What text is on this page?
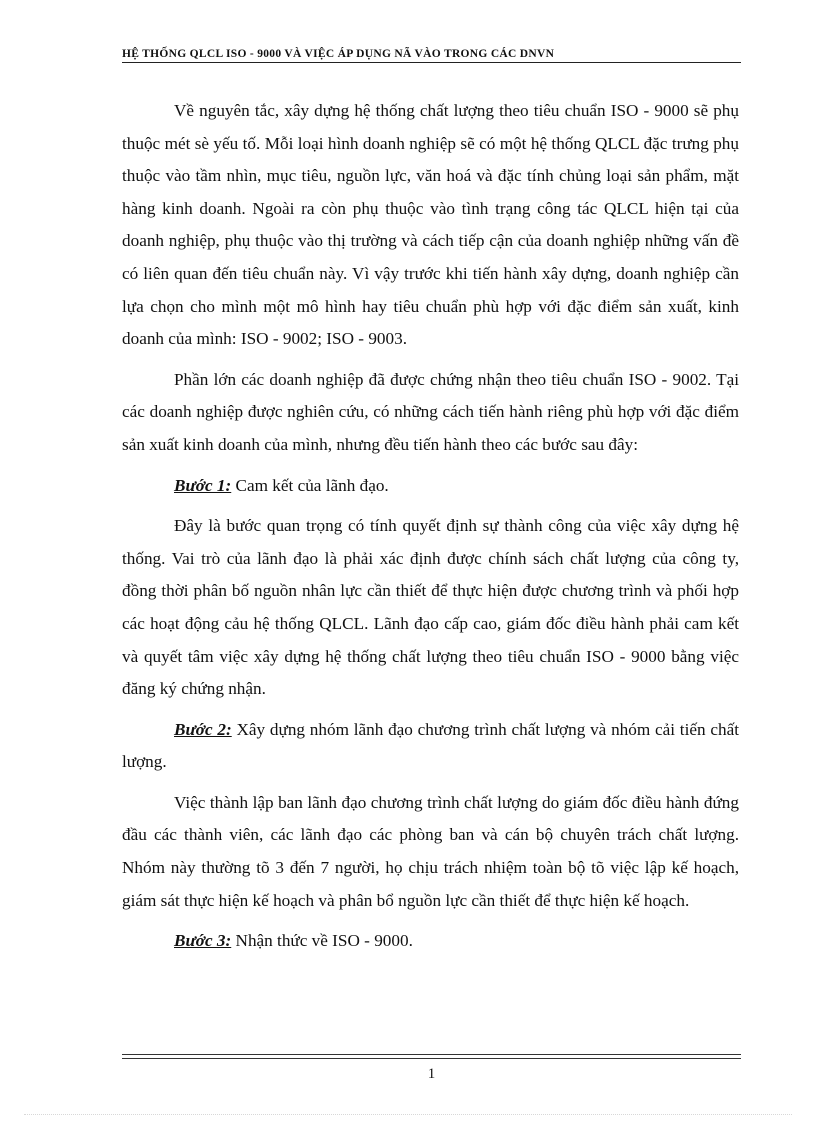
HỆ THỐNG QLCL ISO - 9000 VÀ VIỆC ÁP DỤNG NÃ VÀO TRONG CÁC DNVN

Về nguyên tắc, xây dựng hệ thống chất lượng theo tiêu chuẩn ISO - 9000 sẽ phụ thuộc mét sè yếu tố. Mỗi loại hình doanh nghiệp sẽ có một hệ thống QLCL đặc trưng phụ thuộc vào tầm nhìn, mục tiêu, nguồn lực, văn hoá và đặc tính chủng loại sản phẩm, mặt hàng kinh doanh. Ngoài ra còn phụ thuộc vào tình trạng công tác QLCL hiện tại của doanh nghiệp, phụ thuộc vào thị trường và cách tiếp cận của doanh nghiệp những vấn đề có liên quan đến tiêu chuẩn này. Vì vậy trước khi tiến hành xây dựng, doanh nghiệp cần lựa chọn cho mình một mô hình hay tiêu chuẩn phù hợp với đặc điểm sản xuất, kinh doanh của mình: ISO - 9002; ISO - 9003.

Phần lớn các doanh nghiệp đã được chứng nhận theo tiêu chuẩn ISO - 9002. Tại các doanh nghiệp được nghiên cứu, có những cách tiến hành riêng phù hợp với đặc điểm sản xuất kinh doanh của mình, nhưng đều tiến hành theo các bước sau đây:

Bước 1: Cam kết của lãnh đạo.

Đây là bước quan trọng có tính quyết định sự thành công của việc xây dựng hệ thống. Vai trò của lãnh đạo là phải xác định được chính sách chất lượng của công ty, đồng thời phân bố nguồn nhân lực cần thiết để thực hiện được chương trình và phối hợp các hoạt động cảu hệ thống QLCL. Lãnh đạo cấp cao, giám đốc điều hành phải cam kết và quyết tâm việc xây dựng hệ thống chất lượng theo tiêu chuẩn ISO - 9000 bằng việc đăng ký chứng nhận.

Bước 2: Xây dựng nhóm lãnh đạo chương trình chất lượng và nhóm cải tiến chất lượng.

Việc thành lập ban lãnh đạo chương trình chất lượng do giám đốc điều hành đứng đầu các thành viên, các lãnh đạo các phòng ban và cán bộ chuyên trách chất lượng. Nhóm này thường tõ 3 đến 7 người, họ chịu trách nhiệm toàn bộ tõ việc lập kế hoạch, giám sát thực hiện kế hoạch và phân bổ nguồn lực cần thiết để thực hiện kế hoạch.

Bước 3: Nhận thức về ISO - 9000.

1
